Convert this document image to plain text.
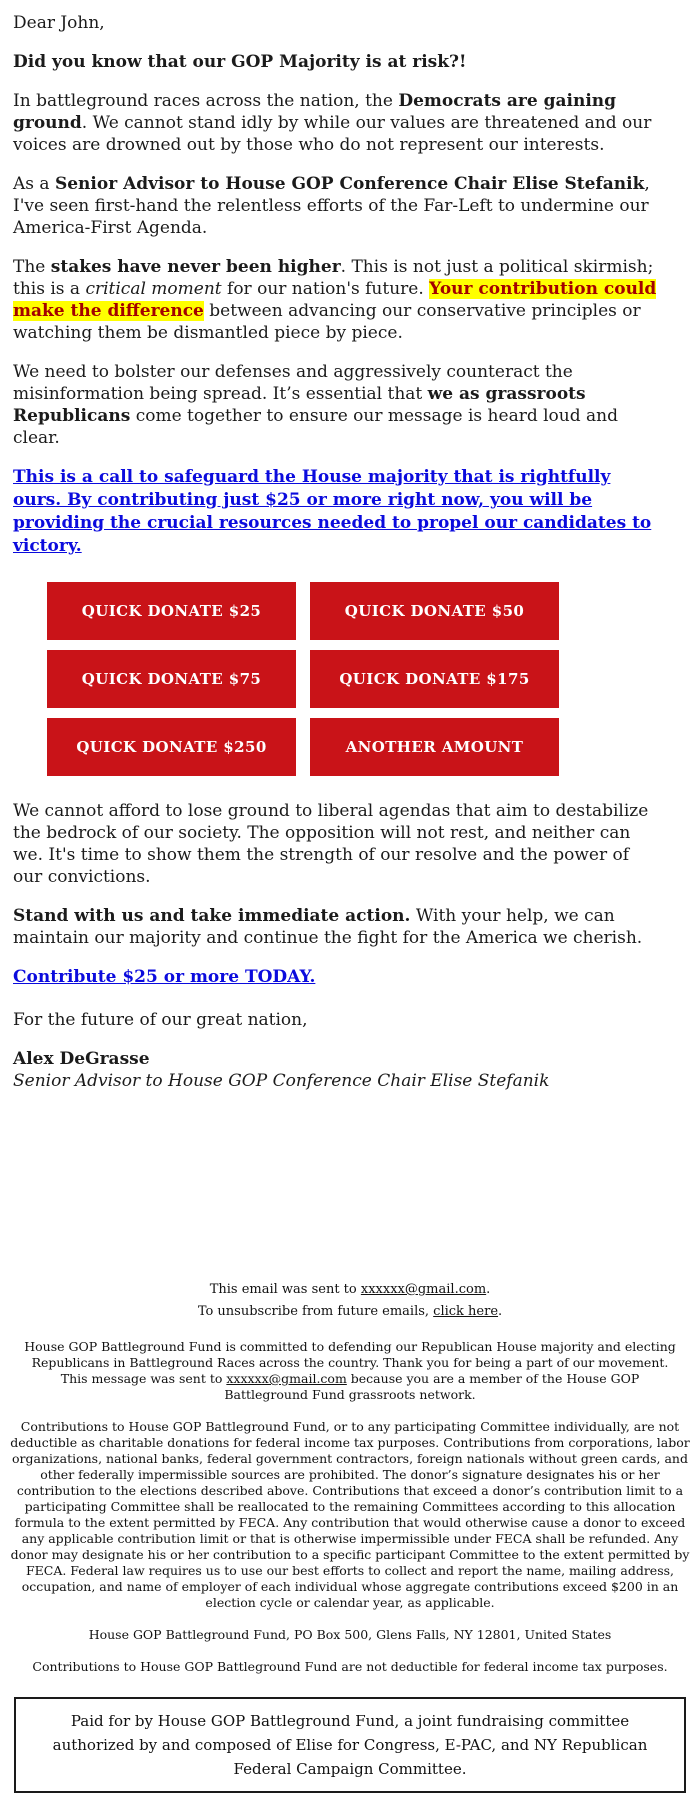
Dear John,

Did you know that our GOP Majority is at risk?!

In battleground races across the nation, the Democrats are gaining ground. We cannot stand idly by while our values are threatened and our voices are drowned out by those who do not represent our interests.

As a Senior Advisor to House GOP Conference Chair Elise Stefanik, I've seen first-hand the relentless efforts of the Far-Left to undermine our America-First Agenda.

The stakes have never been higher. This is not just a political skirmish; this is a critical moment for our nation's future. Your contribution could make the difference between advancing our conservative principles or watching them be dismantled piece by piece.

We need to bolster our defenses and aggressively counteract the misinformation being spread. It’s essential that we as grassroots Republicans come together to ensure our message is heard loud and clear.

This is a call to safeguard the House majority that is rightfully ours. By contributing just $25 or more right now, you will be providing the crucial resources needed to propel our candidates to victory.
QUICK DONATE $25	QUICK DONATE $50
QUICK DONATE $75	QUICK DONATE $175
QUICK DONATE $250	ANOTHER AMOUNT

We cannot afford to lose ground to liberal agendas that aim to destabilize the bedrock of our society. The opposition will not rest, and neither can we. It's time to show them the strength of our resolve and the power of our convictions.

Stand with us and take immediate action. With your help, we can maintain our majority and continue the fight for the America we cherish.

Contribute $25 or more TODAY.

For the future of our great nation,

Alex DeGrasse

Senior Advisor to House GOP Conference Chair Elise Stefanik

This email was sent to xxxxxx@gmail.com.

To unsubscribe from future emails, click here.

House GOP Battleground Fund is committed to defending our Republican House majority and electing Republicans in Battleground Races across the country. Thank you for being a part of our movement. This message was sent to xxxxxx@gmail.com because you are a member of the House GOP Battleground Fund grassroots network.

Contributions to House GOP Battleground Fund, or to any participating Committee individually, are not deductible as charitable donations for federal income tax purposes. Contributions from corporations, labor organizations, national banks, federal government contractors, foreign nationals without green cards, and other federally impermissible sources are prohibited. The donor’s signature designates his or her contribution to the elections described above. Contributions that exceed a donor’s contribution limit to a participating Committee shall be reallocated to the remaining Committees according to this allocation formula to the extent permitted by FECA. Any contribution that would otherwise cause a donor to exceed any applicable contribution limit or that is otherwise impermissible under FECA shall be refunded. Any donor may designate his or her contribution to a specific participant Committee to the extent permitted by FECA. Federal law requires us to use our best efforts to collect and report the name, mailing address, occupation, and name of employer of each individual whose aggregate contributions exceed $200 in an election cycle or calendar year, as applicable.

House GOP Battleground Fund, PO Box 500, Glens Falls, NY 12801, United States

Contributions to House GOP Battleground Fund are not deductible for federal income tax purposes.

Paid for by House GOP Battleground Fund, a joint fundraising committee authorized by and composed of Elise for Congress, E-PAC, and NY Republican Federal Campaign Committee.
